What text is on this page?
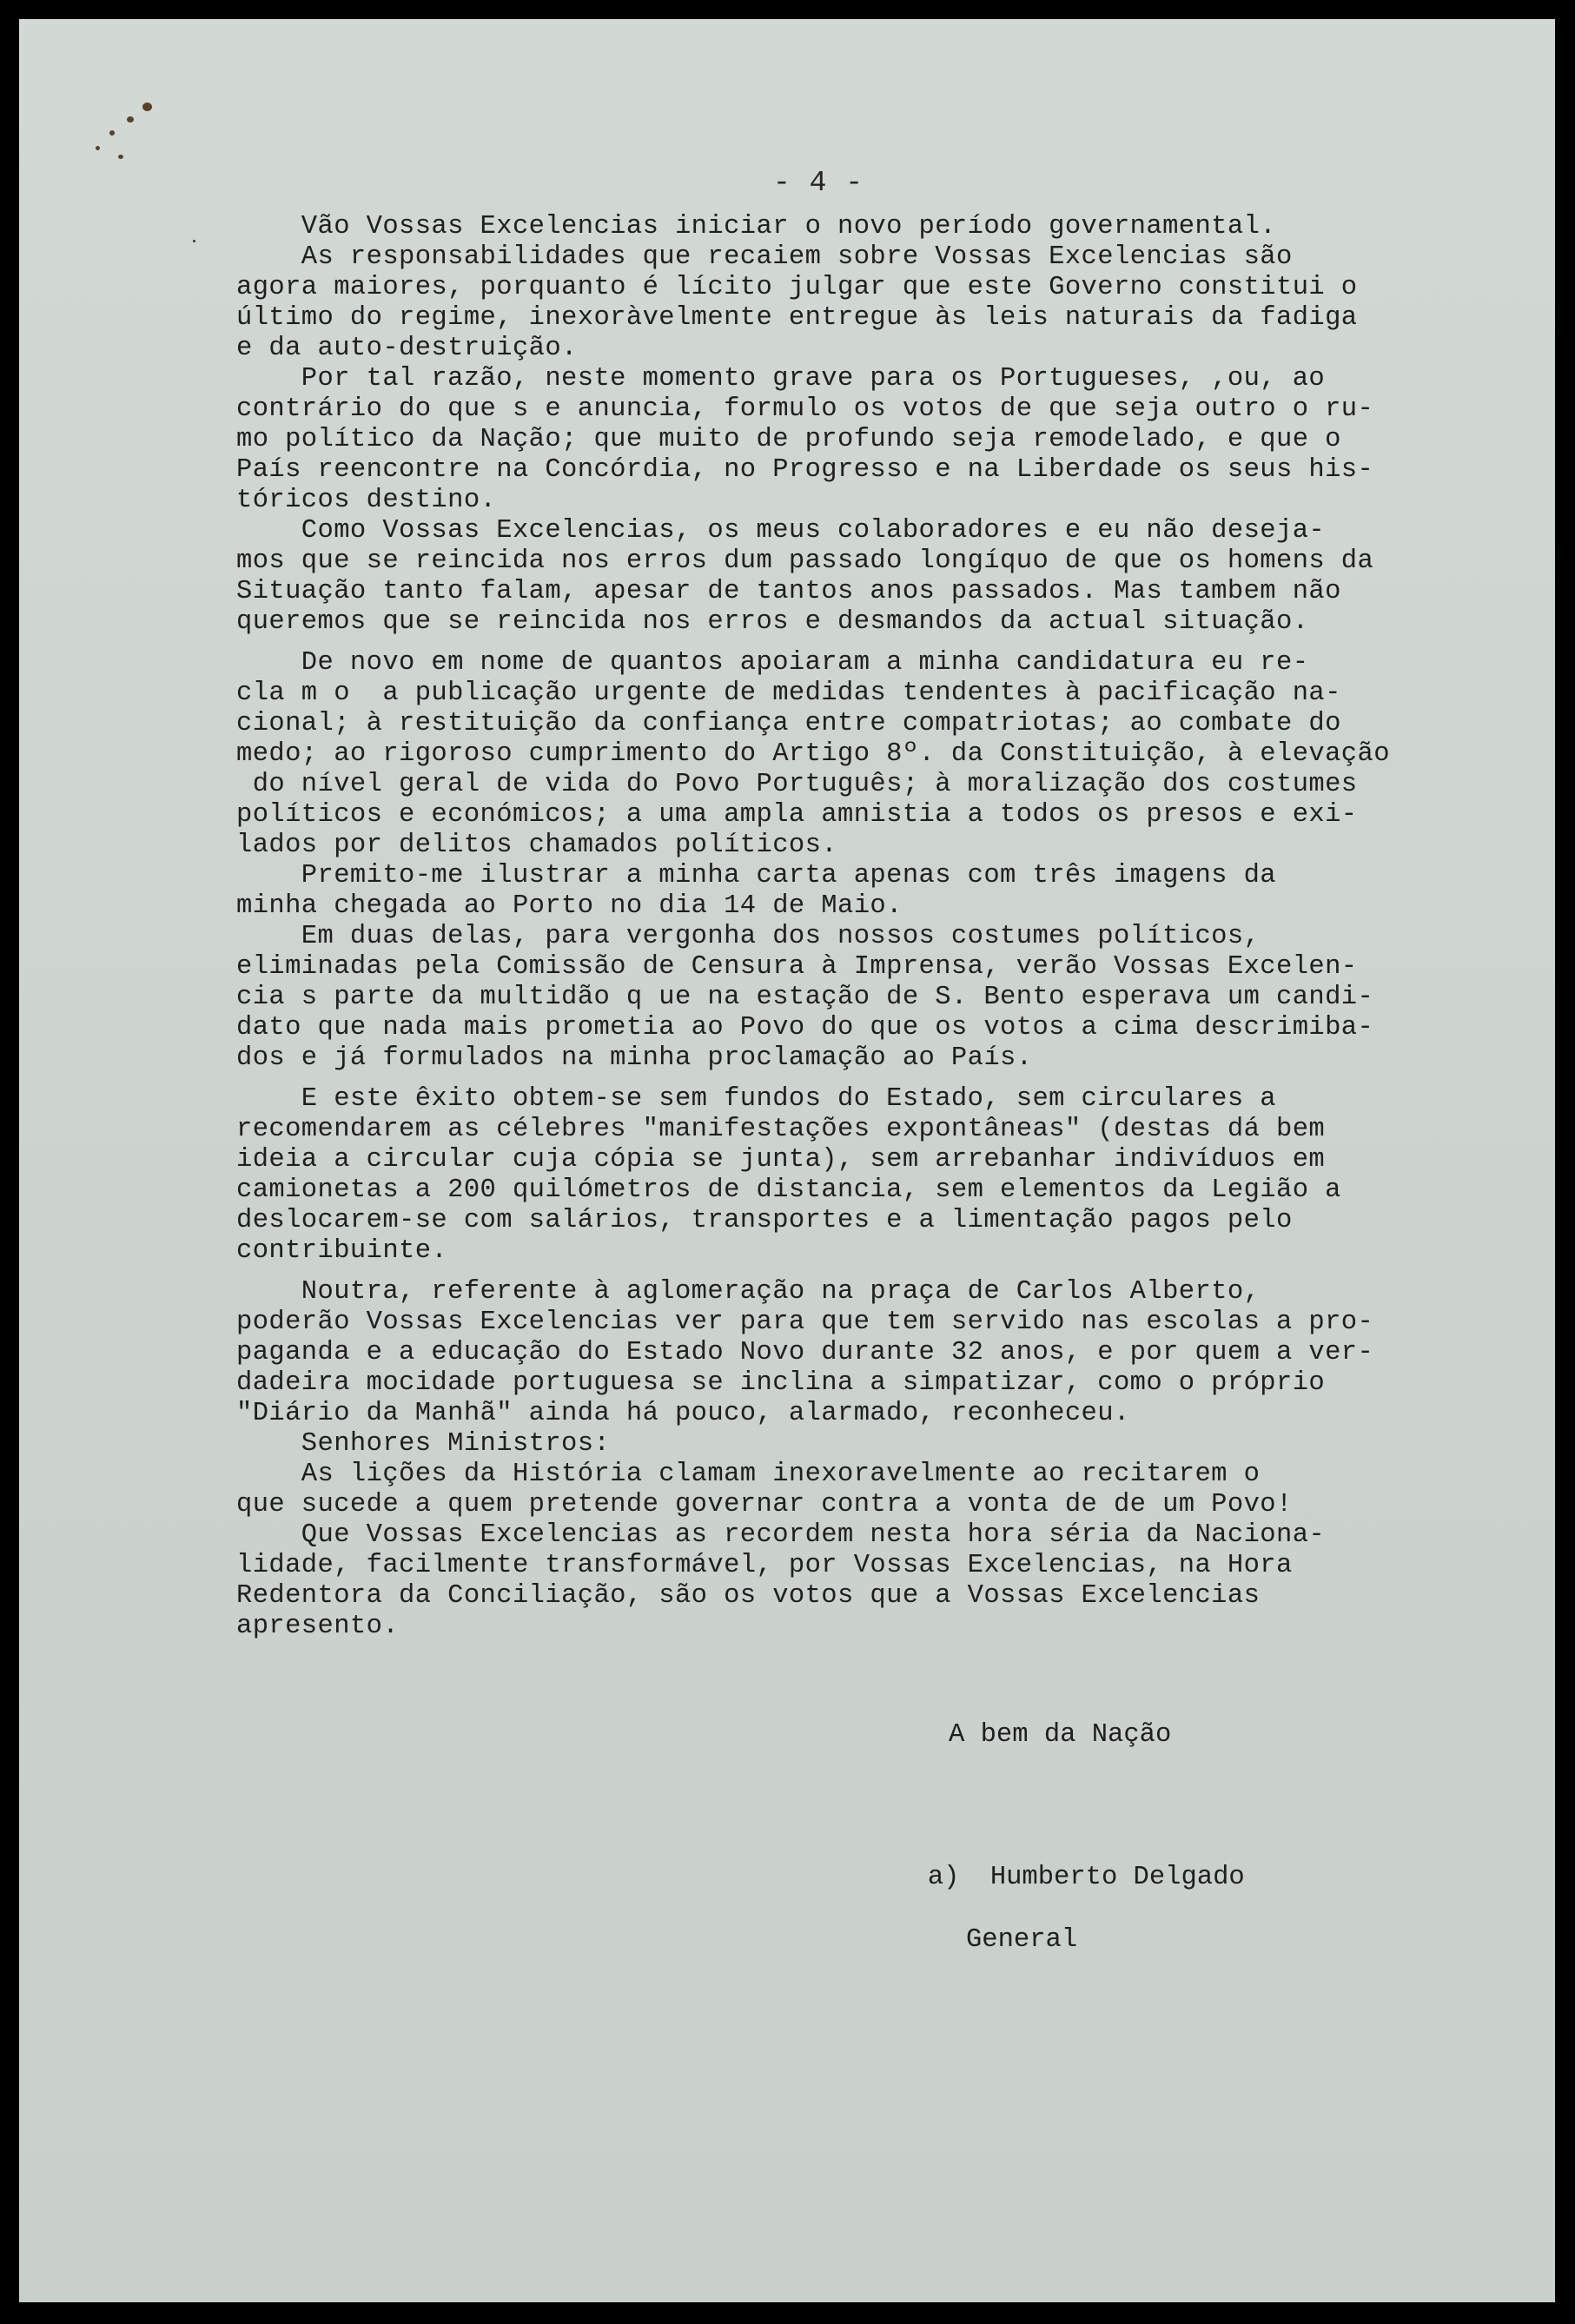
- 4 -
Vão Vossas Excelencias iniciar o novo período governamental.
As responsabilidades que recaiem sobre Vossas Excelencias são
agora maiores, porquanto é lícito julgar que este Governo constitui o
último do regime, inexoràvelmente entregue às leis naturais da fadiga
e da auto-destruição.
Por tal razão, neste momento grave para os Portugueses, ,ou, ao
contrário do que s e anuncia, formulo os votos de que seja outro o ru-
mo político da Nação; que muito de profundo seja remodelado, e que o
País reencontre na Concórdia, no Progresso e na Liberdade os seus his-
tóricos destino.
Como Vossas Excelencias, os meus colaboradores e eu não deseja-
mos que se reincida nos erros dum passado longíquo de que os homens da
Situação tanto falam, apesar de tantos anos passados. Mas tambem não
queremos que se reincida nos erros e desmandos da actual situação.
De novo em nome de quantos apoiaram a minha candidatura eu re-
cla m o  a publicação urgente de medidas tendentes à pacificação na-
cional; à restituição da confiança entre compatriotas; ao combate do
medo; ao rigoroso cumprimento do Artigo 8º. da Constituição, à elevação
do nível geral de vida do Povo Português; à moralização dos costumes
políticos e económicos; a uma ampla amnistia a todos os presos e exi-
lados por delitos chamados políticos.
Premito-me ilustrar a minha carta apenas com três imagens da
minha chegada ao Porto no dia 14 de Maio.
Em duas delas, para vergonha dos nossos costumes políticos,
eliminadas pela Comissão de Censura à Imprensa, verão Vossas Excelen-
cia s parte da multidão q ue na estação de S. Bento esperava um candi-
dato que nada mais prometia ao Povo do que os votos a cima descrimiba-
dos e já formulados na minha proclamação ao País.
E este êxito obtem-se sem fundos do Estado, sem circulares a
recomendarem as célebres "manifestações expontâneas" (destas dá bem
ideia a circular cuja cópia se junta), sem arrebanhar indivíduos em
camionetas a 200 quilómetros de distancia, sem elementos da Legião a
deslocarem-se com salários, transportes e a limentação pagos pelo
contribuinte.
Noutra, referente à aglomeração na praça de Carlos Alberto,
poderão Vossas Excelencias ver para que tem servido nas escolas a pro-
paganda e a educação do Estado Novo durante 32 anos, e por quem a ver-
dadeira mocidade portuguesa se inclina a simpatizar, como o próprio
"Diário da Manhã" ainda há pouco, alarmado, reconheceu.
Senhores Ministros:
As lições da História clamam inexoravelmente ao recitarem o
que sucede a quem pretende governar contra a vonta de de um Povo!
Que Vossas Excelencias as recordem nesta hora séria da Naciona-
lidade, facilmente transformável, por Vossas Excelencias, na Hora
Redentora da Conciliação, são os votos que a Vossas Excelencias
apresento.
A bem da Nação

a) Humberto Delgado

General
